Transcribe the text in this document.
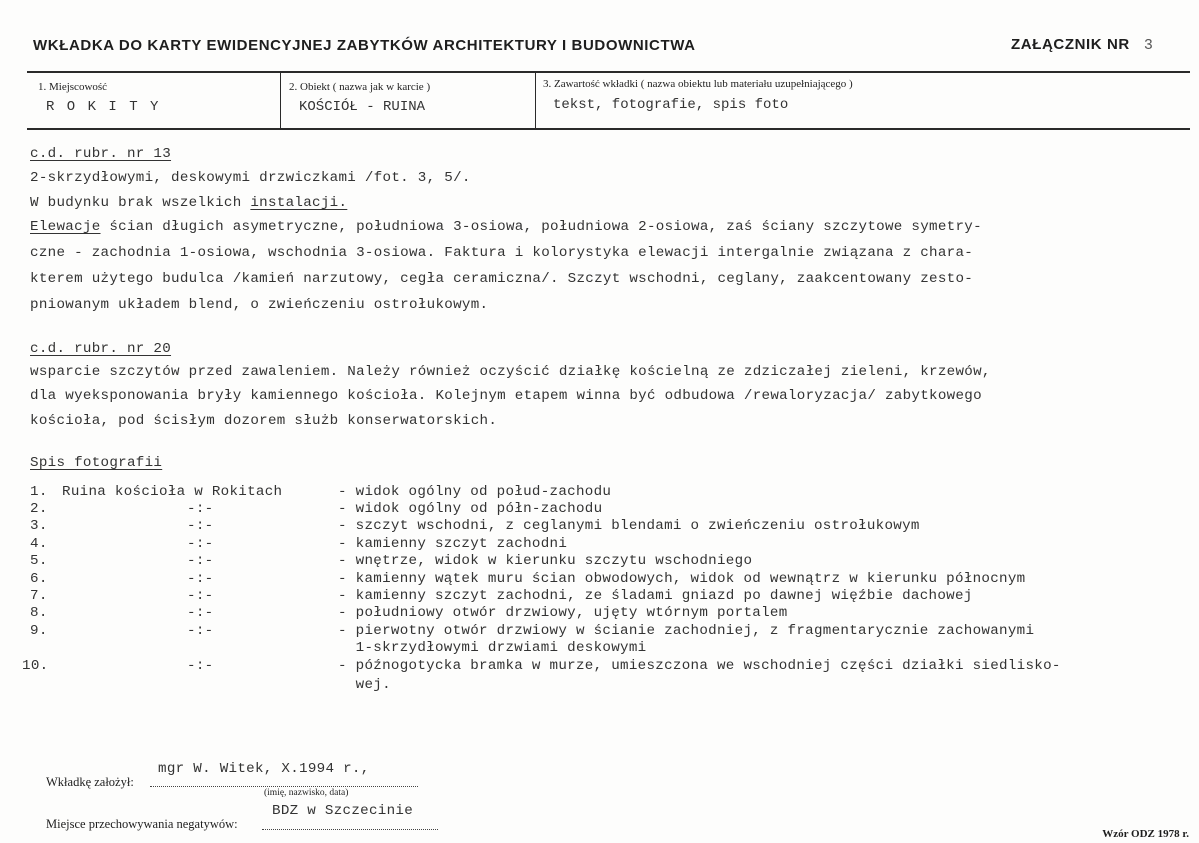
WKŁADKA DO KARTY EWIDENCYJNEJ ZABYTKÓW ARCHITEKTURY I BUDOWNICTWA	ZAŁĄCZNIK NR 3
1. Miejscowość
R O K I T Y
2. Obiekt ( nazwa jak w karcie )
KOŚCIÓŁ - RUINA
3. Zawartość wkładki ( nazwa obiektu lub materiału uzupełniającego )
tekst, fotografie, spis foto
c.d. rubr. nr 13
2-skrzydłowymi, deskowymi drzwiczkami /fot. 3, 5/.
W budynku brak wszelkich instalacji.
Elewacje ścian długich asymetryczne, południowa 3-osiowa, południowa 2-osiowa, zaś ściany szczytowe symetry-
czne - zachodnia 1-osiowa, wschodnia 3-osiowa. Faktura i kolorystyka elewacji intergalnie związana z chara-
kterem użytego budulca /kamień narzutowy, cegła ceramiczna/. Szczyt wschodni, ceglany, zaakcentowany zesto-
pniowanym układem blend, o zwieńczeniu ostrołukowym.
c.d. rubr. nr 20
wsparcie szczytów przed zawaleniem. Należy również oczyścić działkę kościelną ze zdziczałej zieleni, krzewów,
dla wyeksponowania bryły kamiennego kościoła. Kolejnym etapem winna być odbudowa /rewaloryzacja/ zabytkowego
kościoła, pod ścisłym dozorem służb konserwatorskich.
Spis fotografii
1. Ruina kościoła w Rokitach	- widok ogólny od połud-zachodu
2.	-:-	- widok ogólny od półn-zachodu
3.	-:-	- szczyt wschodni, z ceglanymi blendami o zwieńczeniu ostrołukowym
4.	-:-	- kamienny szczyt zachodni
5.	-:-	- wnętrze, widok w kierunku szczytu wschodniego
6.	-:-	- kamienny wątek muru ścian obwodowych, widok od wewnątrz w kierunku północnym
7.	-:-	- kamienny szczyt zachodni, ze śladami gniazd po dawnej więźbie dachowej
8.	-:-	- południowy otwór drzwiowy, ujęty wtórnym portalem
9.	-:-	- pierwotny otwór drzwiowy w ścianie zachodniej, z fragmentarycznie zachowanymi
1-skrzydłowymi drzwiami deskowymi
10.	-:-	- późnogotycka bramka w murze, umieszczona we wschodniej części działki siedlisko-
wej.
mgr W. Witek, X.1994 r.,
Wkładkę założył:
(imię, nazwisko, data)
BDZ w Szczecinie
Miejsce przechowywania negatywów:
Wzór ODZ 1978 r.
